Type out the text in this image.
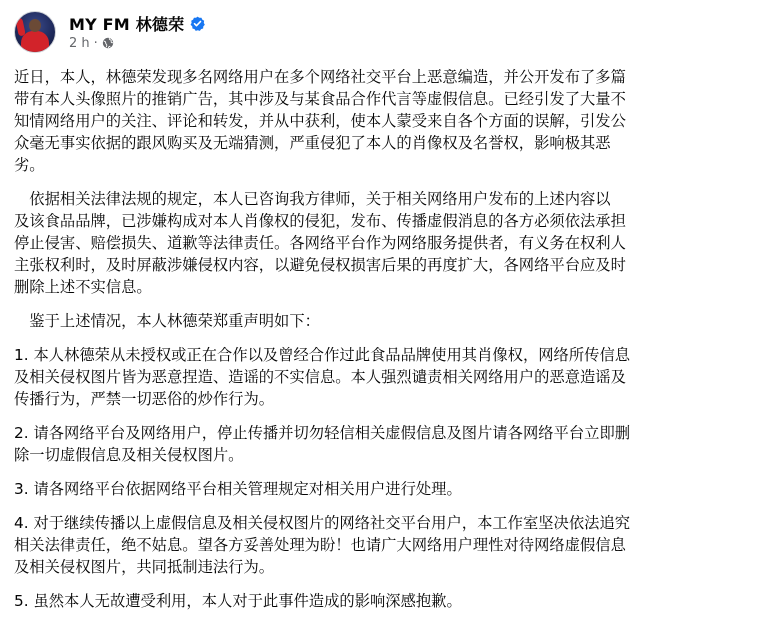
MY FM 林德荣
2 h ·
近日，本人，林德荣发现多名网络用户在多个网络社交平台上恶意编造，并公开发布了多篇
带有本人头像照片的推销广告，其中涉及与某食品合作代言等虚假信息。已经引发了大量不
知情网络用户的关注、评论和转发，并从中获利，使本人蒙受来自各个方面的误解，引发公
众毫无事实依据的跟风购买及无端猜测，严重侵犯了本人的肖像权及名誉权，影响极其恶
劣。
　依据相关法律法规的规定，本人已咨询我方律师，关于相关网络用户发布的上述内容以
及该食品品牌，已涉嫌构成对本人肖像权的侵犯，发布、传播虚假消息的各方必须依法承担
停止侵害、赔偿损失、道歉等法律责任。各网络平台作为网络服务提供者，有义务在权利人
主张权利时，及时屏蔽涉嫌侵权内容，以避免侵权损害后果的再度扩大，各网络平台应及时
删除上述不实信息。
　鉴于上述情况，本人林德荣郑重声明如下：
1. 本人林德荣从未授权或正在合作以及曾经合作过此食品品牌使用其肖像权，网络所传信息
及相关侵权图片皆为恶意捏造、造谣的不实信息。本人强烈谴责相关网络用户的恶意造谣及
传播行为，严禁一切恶俗的炒作行为。
2. 请各网络平台及网络用户，停止传播并切勿轻信相关虚假信息及图片请各网络平台立即删
除一切虚假信息及相关侵权图片。
3. 请各网络平台依据网络平台相关管理规定对相关用户进行处理。
4. 对于继续传播以上虚假信息及相关侵权图片的网络社交平台用户，本工作室坚决依法追究
相关法律责任，绝不姑息。望各方妥善处理为盼！也请广大网络用户理性对待网络虚假信息
及相关侵权图片，共同抵制违法行为。
5. 虽然本人无故遭受利用，本人对于此事件造成的影响深感抱歉。
